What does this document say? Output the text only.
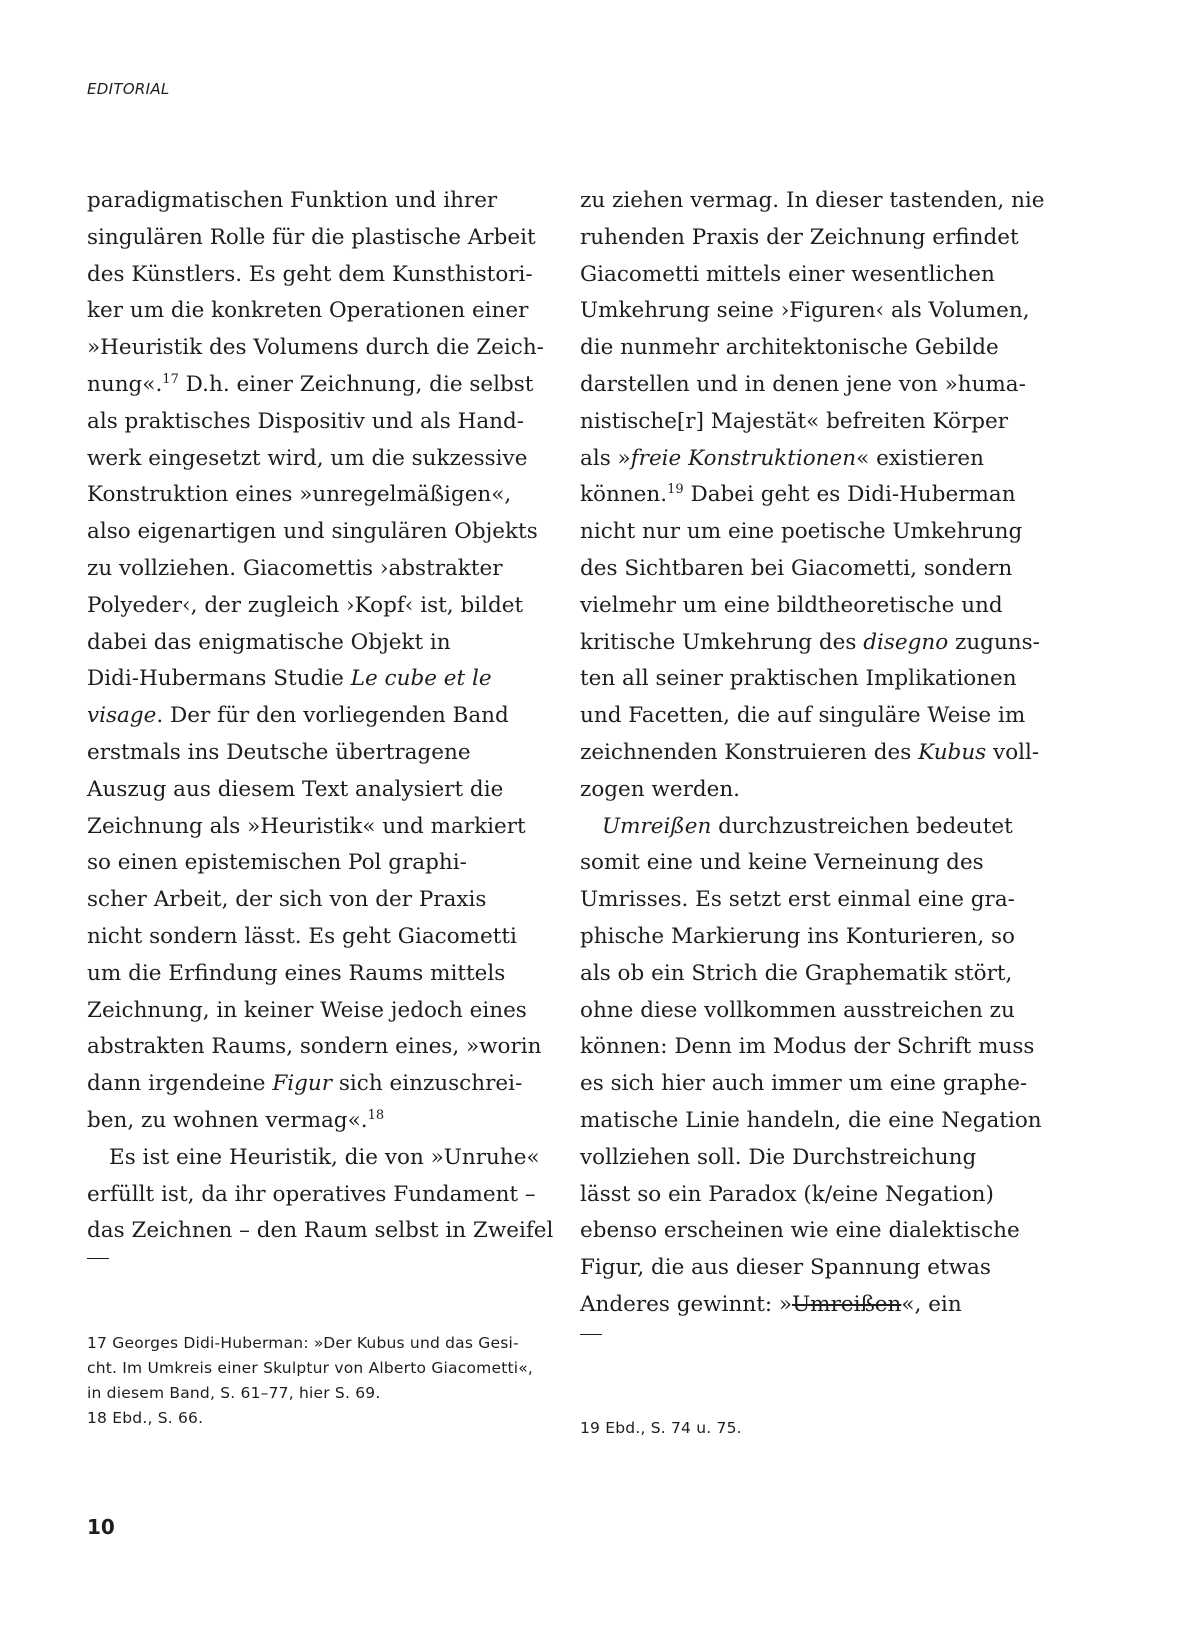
EDITORIAL
paradigmatischen Funktion und ihrer
singulären Rolle für die plastische Arbeit
des Künstlers. Es geht dem Kunsthistori-
ker um die konkreten Operationen einer
»Heuristik des Volumens durch die Zeich-
nung«.$^{17}$ D.h. einer Zeichnung, die selbst
als praktisches Dispositiv und als Hand-
werk eingesetzt wird, um die sukzessive
Konstruktion eines »unregelmäßigen«,
also eigenartigen und singulären Objekts
zu vollziehen. Giacomettis ›abstrakter
Polyeder‹, der zugleich ›Kopf‹ ist, bildet
dabei das enigmatische Objekt in
Didi-Hubermans Studie Le cube et le
visage. Der für den vorliegenden Band
erstmals ins Deutsche übertragene
Auszug aus diesem Text analysiert die
Zeichnung als »Heuristik« und markiert
so einen epistemischen Pol graphi-
scher Arbeit, der sich von der Praxis
nicht sondern lässt. Es geht Giacometti
um die Erfindung eines Raums mittels
Zeichnung, in keiner Weise jedoch eines
abstrakten Raums, sondern eines, »worin
dann irgendeine Figur sich einzuschrei-
ben, zu wohnen vermag«.$^{18}$
Es ist eine Heuristik, die von »Unruhe«
erfüllt ist, da ihr operatives Fundament –
das Zeichnen – den Raum selbst in Zweifel
zu ziehen vermag. In dieser tastenden, nie
ruhenden Praxis der Zeichnung erfindet
Giacometti mittels einer wesentlichen
Umkehrung seine ›Figuren‹ als Volumen,
die nunmehr architektonische Gebilde
darstellen und in denen jene von »huma-
nistische[r] Majestät« befreiten Körper
als »freie Konstruktionen« existieren
können.$^{19}$ Dabei geht es Didi-Huberman
nicht nur um eine poetische Umkehrung
des Sichtbaren bei Giacometti, sondern
vielmehr um eine bildtheoretische und
kritische Umkehrung des disegno zuguns-
ten all seiner praktischen Implikationen
und Facetten, die auf singuläre Weise im
zeichnenden Konstruieren des Kubus voll-
zogen werden.
Umreißen durchzustreichen bedeutet
somit eine und keine Verneinung des
Umrisses. Es setzt erst einmal eine gra-
phische Markierung ins Konturieren, so
als ob ein Strich die Graphematik stört,
ohne diese vollkommen ausstreichen zu
können: Denn im Modus der Schrift muss
es sich hier auch immer um eine graphe-
matische Linie handeln, die eine Negation
vollziehen soll. Die Durchstreichung
lässt so ein Paradox (k/eine Negation)
ebenso erscheinen wie eine dialektische
Figur, die aus dieser Spannung etwas
Anderes gewinnt: »Umreißen«, ein
17 Georges Didi-Huberman: »Der Kubus und das Gesi-
cht. Im Umkreis einer Skulptur von Alberto Giacometti«,
in diesem Band, S. 61–77, hier S. 69.
18 Ebd., S. 66.
19 Ebd., S. 74 u. 75.
10
